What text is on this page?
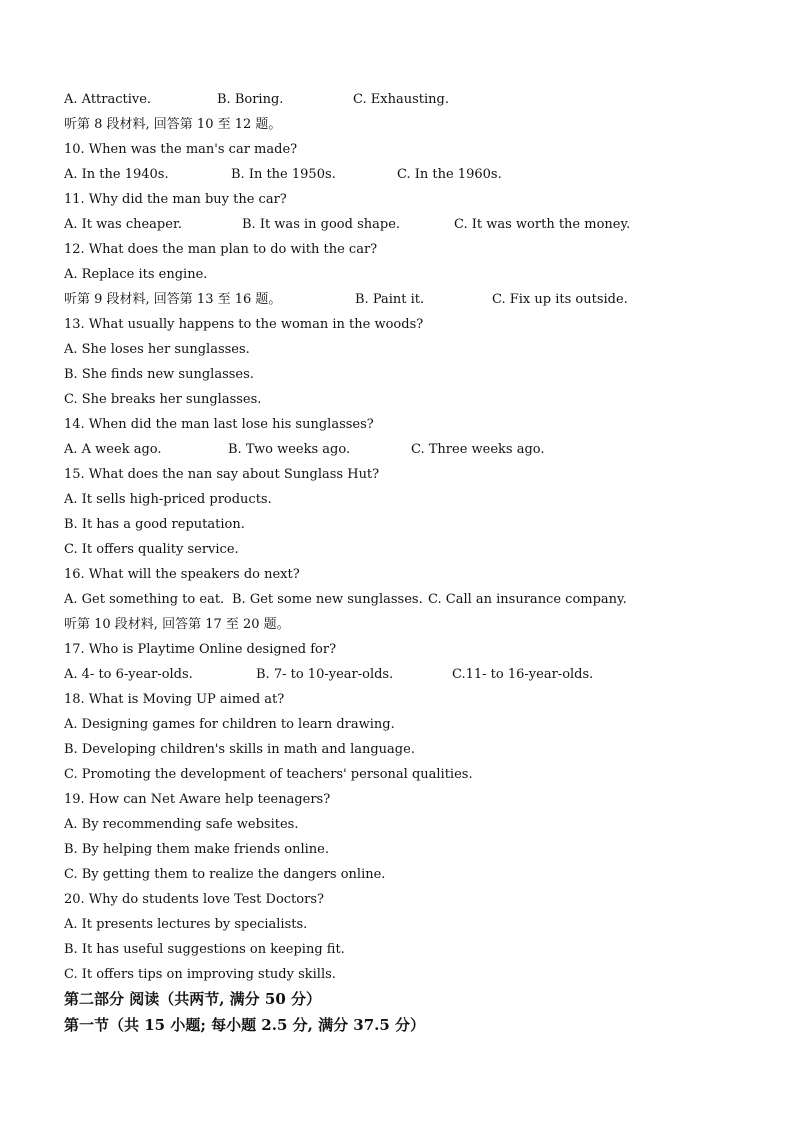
A. Attractive.	B. Boring.	C. Exhausting.
听第 8 段材料, 回答第 10 至 12 题。
10. When was the man's car made?
A. In the 1940s.	B. In the 1950s.	C. In the 1960s.
11. Why did the man buy the car?
A. It was cheaper.	B. It was in good shape.	C. It was worth the money.
12. What does the man plan to do with the car?
A. Replace its engine.
听第 9 段材料, 回答第 13 至 16 题。	B. Paint it.	C. Fix up its outside.
13. What usually happens to the woman in the woods?
A. She loses her sunglasses.
B. She finds new sunglasses.
C. She breaks her sunglasses.
14. When did the man last lose his sunglasses?
A. A week ago.	B. Two weeks ago.	C. Three weeks ago.
15. What does the nan say about Sunglass Hut?
A. It sells high-priced products.
B. It has a good reputation.
C. It offers quality service.
16. What will the speakers do next?
A. Get something to eat. B. Get some new sunglasses. C. Call an insurance company.
听第 10 段材料, 回答第 17 至 20 题。
17. Who is Playtime Online designed for?
A. 4- to 6-year-olds.	B. 7- to 10-year-olds.	C.11- to 16-year-olds.
18. What is Moving UP aimed at?
A. Designing games for children to learn drawing.
B. Developing children's skills in math and language.
C. Promoting the development of teachers' personal qualities.
19. How can Net Aware help teenagers?
A. By recommending safe websites.
B. By helping them make friends online.
C. By getting them to realize the dangers online.
20. Why do students love Test Doctors?
A. It presents lectures by specialists.
B. It has useful suggestions on keeping fit.
C. It offers tips on improving study skills.
第二部分 阅读（共两节, 满分 50 分）
第一节（共 15 小题; 每小题 2.5 分, 满分 37.5 分）
